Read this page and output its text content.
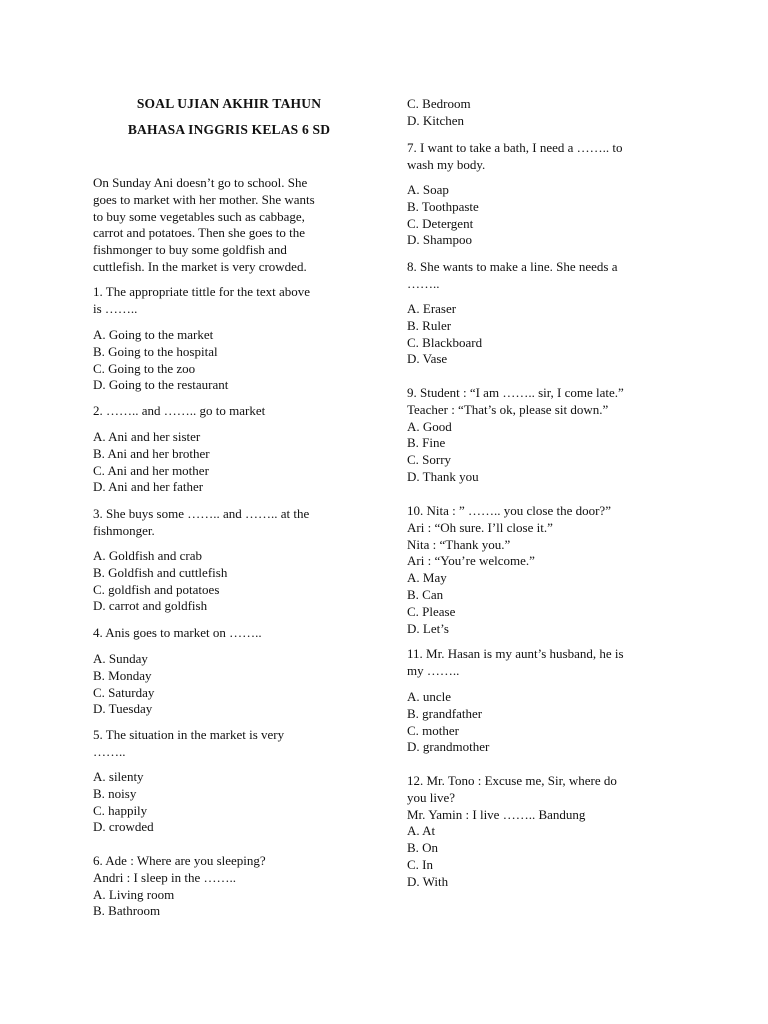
SOAL UJIAN AKHIR TAHUN
BAHASA INGGRIS KELAS 6 SD
On Sunday Ani doesn’t go to school. She
goes to market with her mother. She wants
to buy some vegetables such as cabbage,
carrot and potatoes. Then she goes to the
fishmonger to buy some goldfish and
cuttlefish. In the market is very crowded.
1. The appropriate tittle for the text above
is ……..
A. Going to the market
B. Going to the hospital
C. Going to the zoo
D. Going to the restaurant
2. …….. and …….. go to market
A. Ani and her sister
B. Ani and her brother
C. Ani and her mother
D. Ani and her father
3. She buys some …….. and …….. at the
fishmonger.
A. Goldfish and crab
B. Goldfish and cuttlefish
C. goldfish and potatoes
D. carrot and goldfish
4. Anis goes to market on ……..
A. Sunday
B. Monday
C. Saturday
D. Tuesday
5. The situation in the market is very
……..
A. silenty
B. noisy
C. happily
D. crowded
6. Ade : Where are you sleeping?
Andri : I sleep in the ……..
A. Living room
B. Bathroom
C. Bedroom
D. Kitchen
7. I want to take a bath, I need a …….. to
wash my body.
A. Soap
B. Toothpaste
C. Detergent
D. Shampoo
8. She wants to make a line. She needs a
……..
A. Eraser
B. Ruler
C. Blackboard
D. Vase
9. Student : “I am …….. sir, I come late.”
Teacher : “That’s ok, please sit down.”
A. Good
B. Fine
C. Sorry
D. Thank you
10. Nita : ” …….. you close the door?”
Ari : “Oh sure. I’ll close it.”
Nita : “Thank you.”
Ari : “You’re welcome.”
A. May
B. Can
C. Please
D. Let’s
11. Mr. Hasan is my aunt’s husband, he is
my ……..
A. uncle
B. grandfather
C. mother
D. grandmother
12. Mr. Tono : Excuse me, Sir, where do
you live?
Mr. Yamin : I live …….. Bandung
A. At
B. On
C. In
D. With
